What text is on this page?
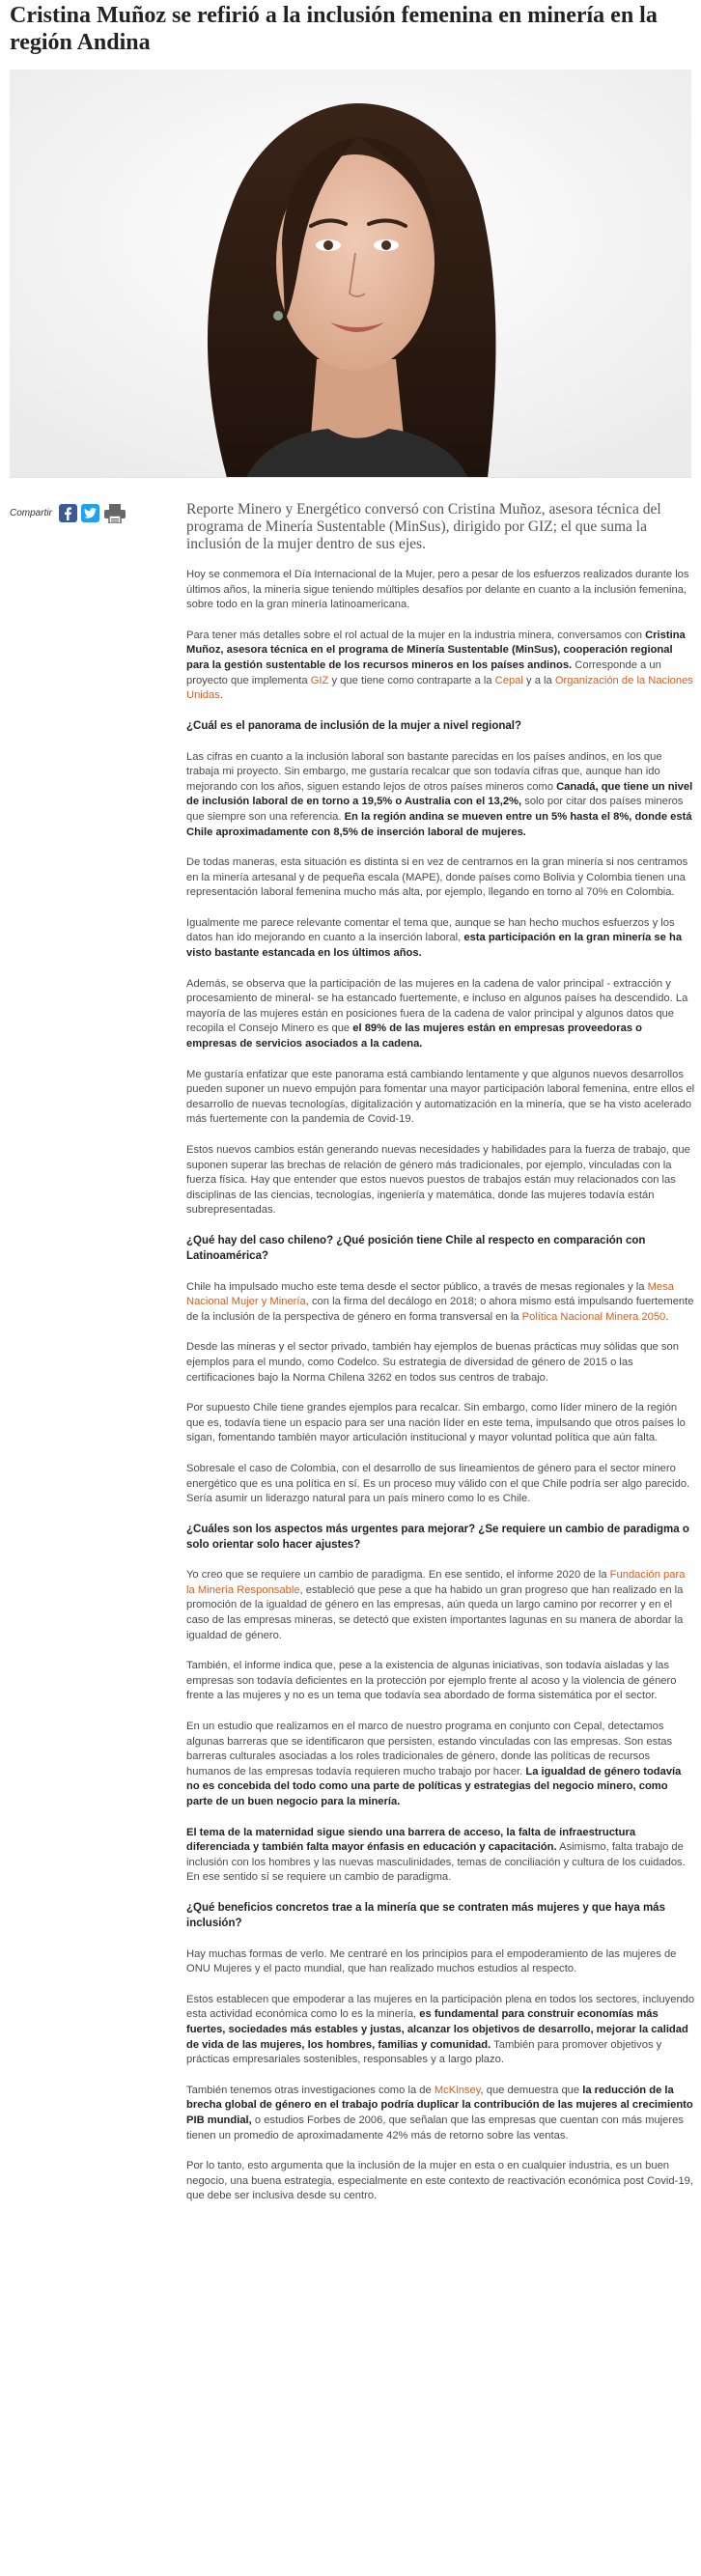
Cristina Muñoz se refirió a la inclusión femenina en minería en la región Andina
Compartir	Reporte Minero y Energético conversó con Cristina Muñoz, asesora técnica del programa de Minería Sustentable (MinSus), dirigido por GIZ; el que suma la inclusión de la mujer dentro de sus ejes.

Hoy se conmemora el Día Internacional de la Mujer, pero a pesar de los esfuerzos realizados durante los últimos años, la minería sigue teniendo múltiples desafíos por delante en cuanto a la inclusión femenina, sobre todo en la gran minería latinoamericana.

Para tener más detalles sobre el rol actual de la mujer en la industria minera, conversamos con Cristina Muñoz, asesora técnica en el programa de Minería Sustentable (MinSus), cooperación regional para la gestión sustentable de los recursos mineros en los países andinos. Corresponde a un proyecto que implementa GIZ y que tiene como contraparte a la Cepal y a la Organización de la Naciones Unidas.

¿Cuál es el panorama de inclusión de la mujer a nivel regional?

Las cifras en cuanto a la inclusión laboral son bastante parecidas en los países andinos, en los que trabaja mi proyecto. Sin embargo, me gustaría recalcar que son todavía cifras que, aunque han ido mejorando con los años, siguen estando lejos de otros países mineros como Canadá, que tiene un nivel de inclusión laboral de en torno a 19,5% o Australia con el 13,2%, solo por citar dos países mineros que siempre son una referencia. En la región andina se mueven entre un 5% hasta el 8%, donde está Chile aproximadamente con 8,5% de inserción laboral de mujeres.

De todas maneras, esta situación es distinta si en vez de centrarnos en la gran minería si nos centramos en la minería artesanal y de pequeña escala (MAPE), donde países como Bolivia y Colombia tienen una representación laboral femenina mucho más alta, por ejemplo, llegando en torno al 70% en Colombia.

Igualmente me parece relevante comentar el tema que, aunque se han hecho muchos esfuerzos y los datos han ido mejorando en cuanto a la inserción laboral, esta participación en la gran minería se ha visto bastante estancada en los últimos años.

Además, se observa que la participación de las mujeres en la cadena de valor principal - extracción y procesamiento de mineral- se ha estancado fuertemente, e incluso en algunos países ha descendido. La mayoría de las mujeres están en posiciones fuera de la cadena de valor principal y algunos datos que recopila el Consejo Minero es que el 89% de las mujeres están en empresas proveedoras o empresas de servicios asociados a la cadena.

Me gustaría enfatizar que este panorama está cambiando lentamente y que algunos nuevos desarrollos pueden suponer un nuevo empujón para fomentar una mayor participación laboral femenina, entre ellos el desarrollo de nuevas tecnologías, digitalización y automatización en la minería, que se ha visto acelerado más fuertemente con la pandemia de Covid-19.

Estos nuevos cambios están generando nuevas necesidades y habilidades para la fuerza de trabajo, que suponen superar las brechas de relación de género más tradicionales, por ejemplo, vinculadas con la fuerza física. Hay que entender que estos nuevos puestos de trabajos están muy relacionados con las disciplinas de las ciencias, tecnologías, ingeniería y matemática, donde las mujeres todavía están subrepresentadas.

¿Qué hay del caso chileno? ¿Qué posición tiene Chile al respecto en comparación con Latinoamérica?

Chile ha impulsado mucho este tema desde el sector público, a través de mesas regionales y la Mesa Nacional Mujer y Minería, con la firma del decálogo en 2018; o ahora mismo está impulsando fuertemente de la inclusión de la perspectiva de género en forma transversal en la Política Nacional Minera 2050.

Desde las mineras y el sector privado, también hay ejemplos de buenas prácticas muy sólidas que son ejemplos para el mundo, como Codelco. Su estrategia de diversidad de género de 2015 o las certificaciones bajo la Norma Chilena 3262 en todos sus centros de trabajo.

Por supuesto Chile tiene grandes ejemplos para recalcar. Sin embargo, como líder minero de la región que es, todavía tiene un espacio para ser una nación líder en este tema, impulsando que otros países lo sigan, fomentando también mayor articulación institucional y mayor voluntad política que aún falta.

Sobresale el caso de Colombia, con el desarrollo de sus lineamientos de género para el sector minero energético que es una política en sí. Es un proceso muy válido con el que Chile podría ser algo parecido. Sería asumir un liderazgo natural para un país minero como lo es Chile.

¿Cuáles son los aspectos más urgentes para mejorar? ¿Se requiere un cambio de paradigma o solo orientar solo hacer ajustes?

Yo creo que se requiere un cambio de paradigma. En ese sentido, el informe 2020 de la Fundación para la Minería Responsable, estableció que pese a que ha habido un gran progreso que han realizado en la promoción de la igualdad de género en las empresas, aún queda un largo camino por recorrer y en el caso de las empresas mineras, se detectó que existen importantes lagunas en su manera de abordar la igualdad de género.

También, el informe indica que, pese a la existencia de algunas iniciativas, son todavía aisladas y las empresas son todavía deficientes en la protección por ejemplo frente al acoso y la violencia de género frente a las mujeres y no es un tema que todavía sea abordado de forma sistemática por el sector.

En un estudio que realizamos en el marco de nuestro programa en conjunto con Cepal, detectamos algunas barreras que se identificaron que persisten, estando vinculadas con las empresas. Son estas barreras culturales asociadas a los roles tradicionales de género, donde las políticas de recursos humanos de las empresas todavía requieren mucho trabajo por hacer. La igualdad de género todavía no es concebida del todo como una parte de políticas y estrategias del negocio minero, como parte de un buen negocio para la minería.

El tema de la maternidad sigue siendo una barrera de acceso, la falta de infraestructura diferenciada y también falta mayor énfasis en educación y capacitación. Asimismo, falta trabajo de inclusión con los hombres y las nuevas masculinidades, temas de conciliación y cultura de los cuidados. En ese sentido sí se requiere un cambio de paradigma.

¿Qué beneficios concretos trae a la minería que se contraten más mujeres y que haya más inclusión?

Hay muchas formas de verlo. Me centraré en los principios para el empoderamiento de las mujeres de ONU Mujeres y el pacto mundial, que han realizado muchos estudios al respecto.

Estos establecen que empoderar a las mujeres en la participación plena en todos los sectores, incluyendo esta actividad económica como lo es la minería, es fundamental para construir economías más fuertes, sociedades más estables y justas, alcanzar los objetivos de desarrollo, mejorar la calidad de vida de las mujeres, los hombres, familias y comunidad. También para promover objetivos y prácticas empresariales sostenibles, responsables y a largo plazo.

También tenemos otras investigaciones como la de McKinsey, que demuestra que la reducción de la brecha global de género en el trabajo podría duplicar la contribución de las mujeres al crecimiento PIB mundial, o estudios Forbes de 2006, que señalan que las empresas que cuentan con más mujeres tienen un promedio de aproximadamente 42% más de retorno sobre las ventas.

Por lo tanto, esto argumenta que la inclusión de la mujer en esta o en cualquier industria, es un buen negocio, una buena estrategia, especialmente en este contexto de reactivación económica post Covid-19, que debe ser inclusiva desde su centro.
